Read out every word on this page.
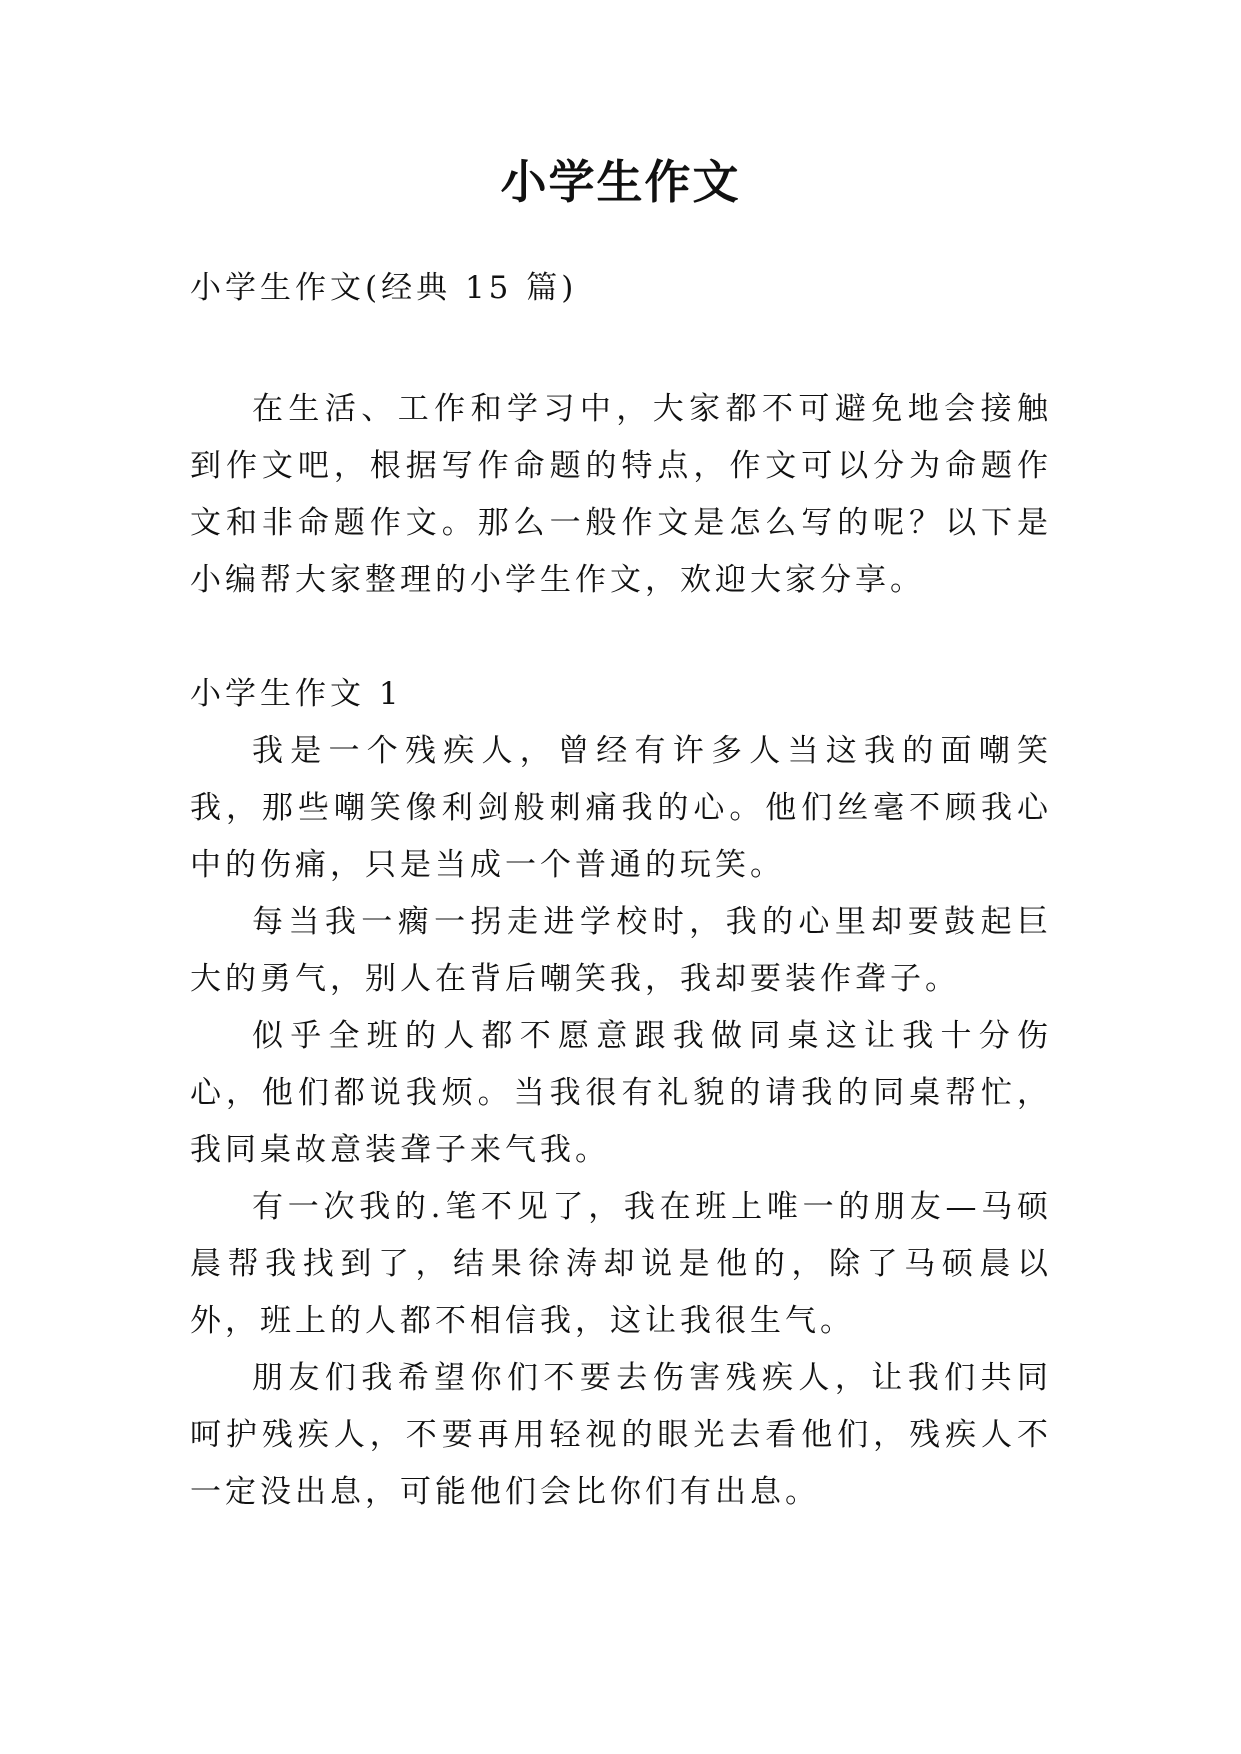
小学生作文

小学生作文(经典 15 篇)

在生活、工作和学习中，大家都不可避免地会接触到作文吧，根据写作命题的特点，作文可以分为命题作文和非命题作文。那么一般作文是怎么写的呢？以下是小编帮大家整理的小学生作文，欢迎大家分享。

小学生作文 1

我是一个残疾人，曾经有许多人当这我的面嘲笑我，那些嘲笑像利剑般刺痛我的心。他们丝毫不顾我心中的伤痛，只是当成一个普通的玩笑。

每当我一瘸一拐走进学校时，我的心里却要鼓起巨大的勇气，别人在背后嘲笑我，我却要装作聋子。

似乎全班的人都不愿意跟我做同桌这让我十分伤心，他们都说我烦。当我很有礼貌的请我的同桌帮忙，我同桌故意装聋子来气我。

有一次我的.笔不见了，我在班上唯一的朋友—马硕晨帮我找到了，结果徐涛却说是他的，除了马硕晨以外，班上的人都不相信我，这让我很生气。

朋友们我希望你们不要去伤害残疾人，让我们共同呵护残疾人，不要再用轻视的眼光去看他们，残疾人不一定没出息，可能他们会比你们有出息。
